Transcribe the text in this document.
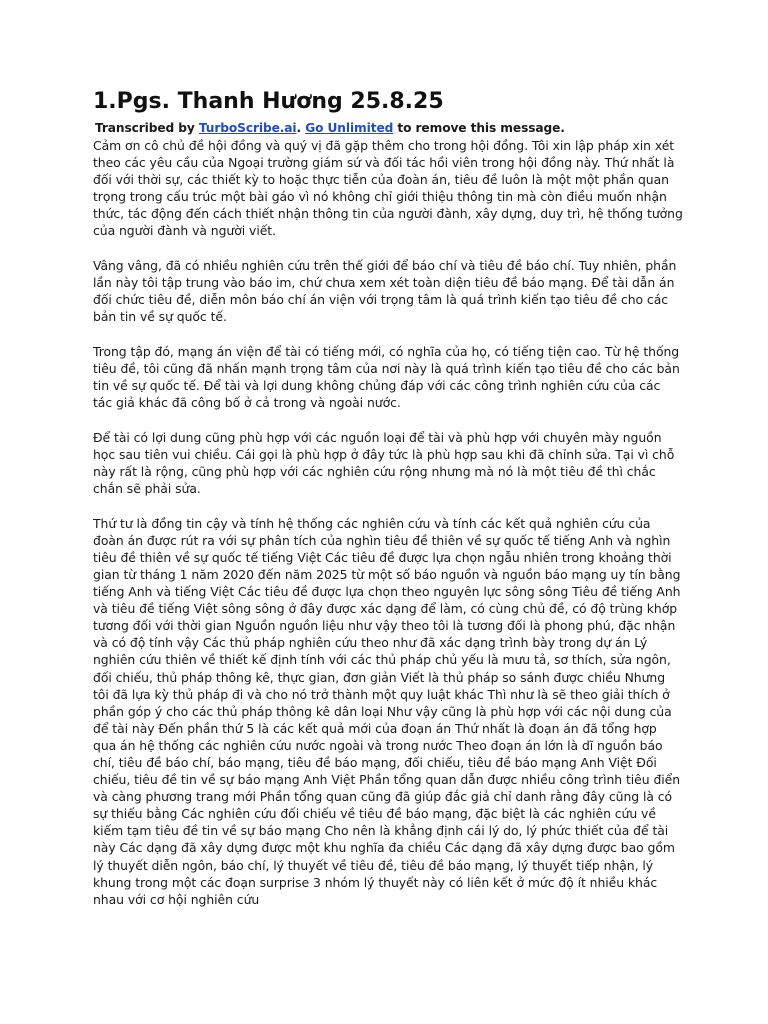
1.Pgs. Thanh Hương 25.8.25

Transcribed by TurboScribe.ai. Go Unlimited to remove this message.

Cảm ơn cô chủ đề hội đồng và quý vị đã gặp thêm cho trong hội đồng. Tôi xin lập pháp xin xét theo các yêu cầu của Ngoại trường giám sứ và đối tác hồi viên trong hội đồng này. Thứ nhất là đối với thời sự, các thiết kỳ to hoặc thực tiễn của đoàn án, tiêu đề luôn là một một phần quan trọng trong cấu trúc một bài gáo vì nó không chỉ giới thiệu thông tin mà còn điều muốn nhận thức, tác động đến cách thiết nhận thông tin của người đành, xây dựng, duy trì, hệ thống tưởng của người đành và người viết.

Vâng vâng, đã có nhiều nghiên cứu trên thế giới để báo chí và tiêu đề báo chí. Tuy nhiên, phần lần này tôi tập trung vào báo im, chứ chưa xem xét toàn diện tiêu đề báo mạng. Để tài dẫn án đối chức tiêu đề, diễn môn báo chí án viện với trọng tâm là quá trình kiến tạo tiêu đề cho các bản tin về sự quốc tế.

Trong tập đó, mạng án viện để tài có tiếng mới, có nghĩa của họ, có tiếng tiện cao. Từ hệ thống tiêu đề, tôi cũng đã nhấn mạnh trọng tâm của nơi này là quá trình kiến tạo tiêu đề cho các bản tin về sự quốc tế. Để tài và lợi dung không chủng đáp với các công trình nghiên cứu của các tác giả khác đã công bố ở cả trong và ngoài nước.

Để tài có lợi dung cũng phù hợp với các nguồn loại để tài và phù hợp với chuyên mày nguồn học sau tiên vui chiều. Cái gọi là phù hợp ở đây tức là phù hợp sau khi đã chỉnh sửa. Tại vì chỗ này rất là rộng, cũng phù hợp với các nghiên cứu rộng nhưng mà nó là một tiêu đề thì chắc chắn sẽ phải sửa.

Thứ tư là đồng tin cậy và tính hệ thống các nghiên cứu và tính các kết quả nghiên cứu của đoàn án được rút ra với sự phân tích của nghìn tiêu đề thiên về sự quốc tế tiếng Anh và nghìn tiêu đề thiên về sự quốc tế tiếng Việt Các tiêu đề được lựa chọn ngẫu nhiên trong khoảng thời gian từ tháng 1 năm 2020 đến năm 2025 từ một số báo nguồn và nguồn báo mạng uy tín bằng tiếng Anh và tiếng Việt Các tiêu đề được lựa chọn theo nguyên lực sông sông Tiêu đề tiếng Anh và tiêu đề tiếng Việt sông sông ở đây được xác dạng để làm, có cùng chủ đề, có độ trùng khớp tương đối với thời gian Nguồn nguồn liệu như vậy theo tôi là tương đối là phong phú, đặc nhận và có độ tính vậy Các thủ pháp nghiên cứu theo như đã xác dạng trình bày trong dự án Lý nghiên cứu thiên về thiết kế định tính với các thủ pháp chủ yếu là mưu tả, sơ thích, sửa ngôn, đối chiếu, thủ pháp thông kê, thực gian, đơn giản Viết là thủ pháp so sánh được chiều Nhưng tôi đã lựa kỳ thủ pháp đi và cho nó trở thành một quy luật khác Thì như là sẽ theo giải thích ở phần góp ý cho các thủ pháp thông kê dân loại Như vậy cũng là phù hợp với các nội dung của để tài này Đến phần thứ 5 là các kết quả mới của đoạn án Thứ nhất là đoạn án đã tổng hợp qua án hệ thống các nghiên cứu nước ngoài và trong nước Theo đoạn án lớn là dĩ nguồn báo chí, tiêu đề báo chí, báo mạng, tiêu đề báo mạng, đối chiếu, tiêu đề báo mạng Anh Việt Đối chiếu, tiêu đề tin về sự báo mạng Anh Việt Phần tổng quan dẫn được nhiều công trình tiêu điển và càng phương trang mới Phần tổng quan cũng đã giúp đắc giả chỉ danh rằng đây cũng là có sự thiếu bằng Các nghiên cứu đối chiếu về tiêu đề báo mạng, đặc biệt là các nghiên cứu về kiếm tạm tiêu đề tin về sự báo mạng Cho nên là khẳng định cái lý do, lý phức thiết của để tài này Các dạng đã xây dựng được một khu nghĩa đa chiều Các dạng đã xây dựng được bao gồm lý thuyết diễn ngôn, báo chí, lý thuyết về tiêu đề, tiêu đề báo mạng, lý thuyết tiếp nhận, lý khung trong một các đoạn surprise 3 nhóm lý thuyết này có liên kết ở mức độ ít nhiều khác nhau với cơ hội nghiên cứu
